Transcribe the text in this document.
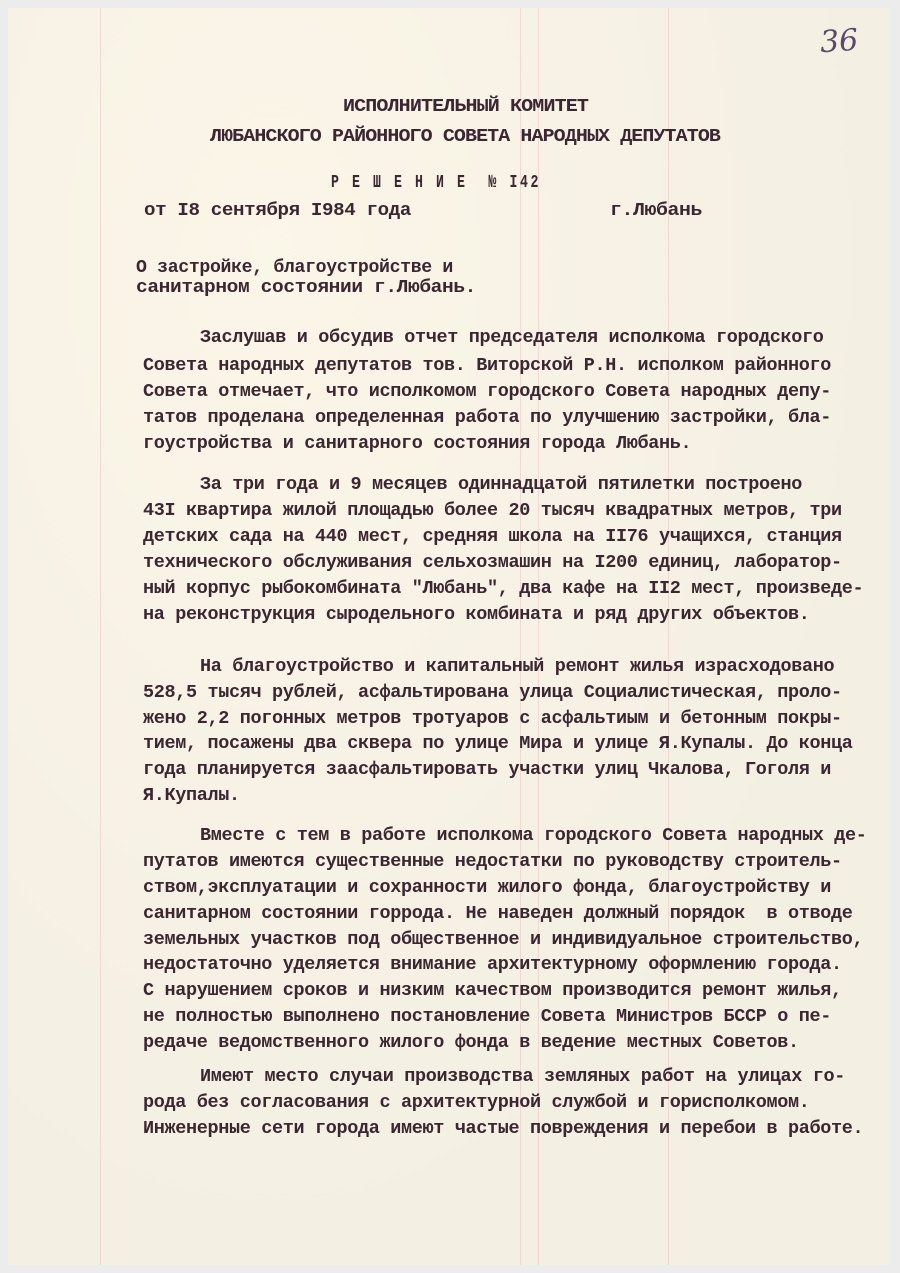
36
ИСПОЛНИТЕЛЬНЫЙ КОМИТЕТ
ЛЮБАНСКОГО РАЙОННОГО СОВЕТА НАРОДНЫХ ДЕПУТАТОВ
Р Е Ш Е Н И Е  № I42
от I8 сентября I984 года	г.Любань
О застройке, благоустройстве и
санитарном состоянии г.Любань.
Заслушав и обсудив отчет председателя исполкома городского
Совета народных депутатов тов. Виторской Р.Н. исполком районного
Совета отмечает, что исполкомом городского Совета народных депу-
татов проделана определенная работа по улучшению застройки, бла-
гоустройства и санитарного состояния города Любань.
За три года и 9 месяцев одиннадцатой пятилетки построено
43I квартира жилой площадью более 20 тысяч квадратных метров, три
детских сада на 440 мест, средняя школа на II76 учащихся, станция
технического обслуживания сельхозмашин на I200 единиц, лаборатор-
ный корпус рыбокомбината "Любань", два кафе на II2 мест, произведе-
на реконструкция сыродельного комбината и ряд других объектов.
На благоустройство и капитальный ремонт жилья израсходовано
528,5 тысяч рублей, асфальтирована улица Социалистическая, проло-
жено 2,2 погонных метров тротуаров с асфальтиым и бетонным покры-
тием, посажены два сквера по улице Мира и улице Я.Купалы. До конца
года планируется заасфальтировать участки улиц Чкалова, Гоголя и
Я.Купалы.
Вместе с тем в работе исполкома городского Совета народных де-
путатов имеются существенные недостатки по руководству строитель-
ством,эксплуатации и сохранности жилого фонда, благоустройству и
санитарном состоянии горрода. Не наведен должный порядок  в отводе
земельных участков под общественное и индивидуальное строительство,
недостаточно уделяется внимание архитектурному оформлению города.
С нарушением сроков и низким качеством производится ремонт жилья,
не полностью выполнено постановление Совета Министров БССР о пе-
редаче ведомственного жилого фонда в ведение местных Советов.
Имеют место случаи производства земляных работ на улицах го-
рода без согласования с архитектурной службой и горисполкомом.
Инженерные сети города имеют частые повреждения и перебои в работе.
